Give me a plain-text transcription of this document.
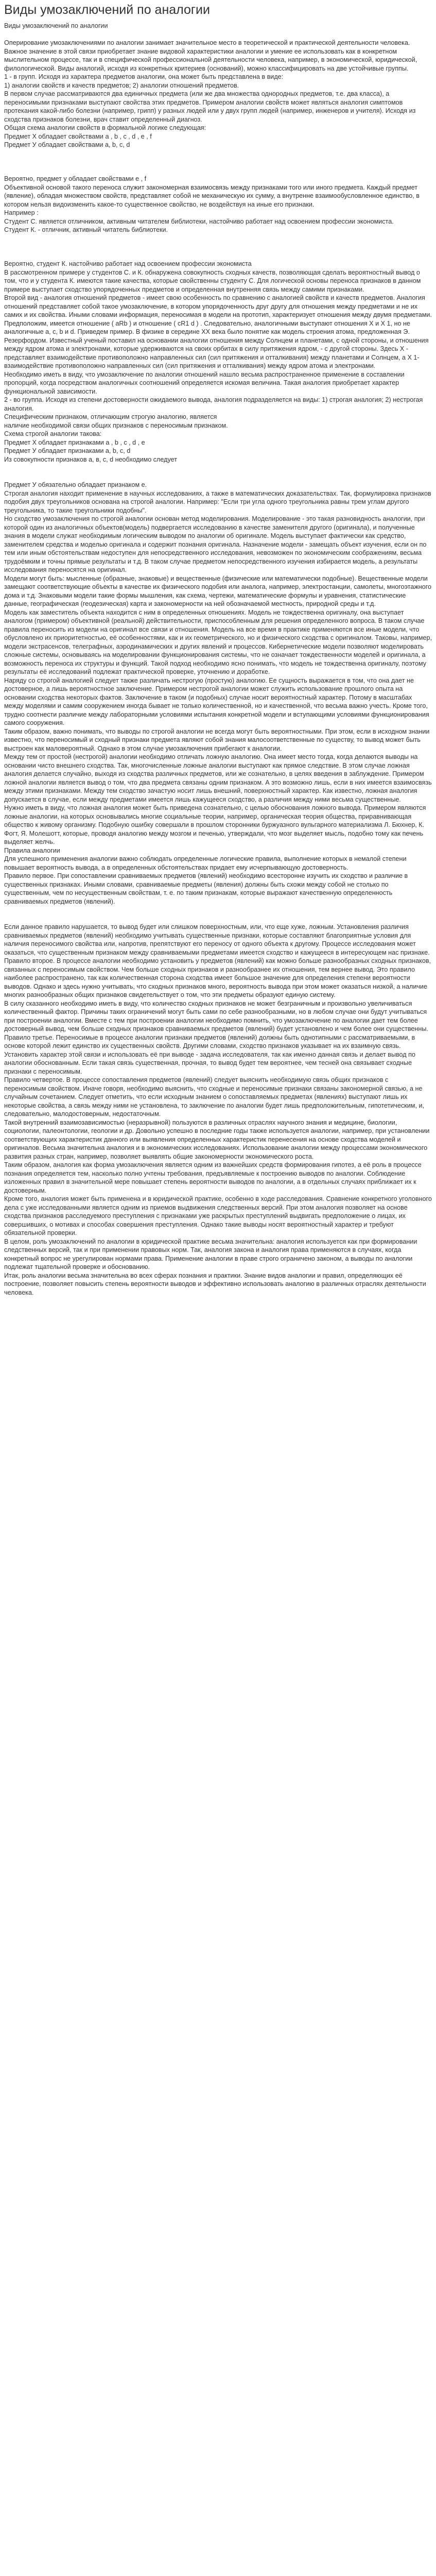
Виды умозаключений по аналогии

Виды умозаключений по аналогии

Оперирование умозаключениями по аналогии занимает значительное место в теоретической и практической деятельности человека. Важное значение в этой связи приобретает знание видовой характеристики аналогии и умение ее использовать как в конкретном мыслительном процессе, так и в специфической профессиональной деятельности человека, например, в экономической, юридической, филологической. Виды аналогий, исходя из конкретных критериев (оснований), можно классифицировать на две устойчивые группы.

1 - в групп. Исходя из характера предметов аналогии, она может быть представлена в виде:

1) аналогии свойств и качеств предметов; 2) аналогии отношений предметов.

В первом случае рассматриваются два единичных предмета (или же два множества однородных предметов, т.е. два класса), а переносимыми признаками выступают свойства этих предметов. Примером аналогии свойств может являться аналогия симптомов протекания какой-либо болезни (например, грипп) у разных людей или у двух групп людей (например, инженеров и учителя). Исходя из сходства признаков болезни, врач ставит определенный диагноз.

Общая схема аналогии свойств в формальной логике следующая:

Предмет X обладает свойствами a , b , c , d , e , f

Предмет У обладает свойствами a, b, c, d

Вероятно, предмет у обладает свойствами е , f

Объективной основой такого переноса служит закономерная взаимосвязь между признаками того или иного предмета. Каждый предмет (явление), обладая множеством свойств, представляет собой не механическую их сумму, а внутренне взаимообусловленное единство, в котором нельзя видоизменить какое-то существенное свойство, не воздействуя на иные его признаки.

Например :

Студент С. является отличником, активным читателем библиотеки, настойчиво работает над освоением профессии экономиста.

Студент К. - отличник, активный читатель библиотеки.

Вероятно, студент К. настойчиво работает над освоением профессии экономиста

В рассмотренном примере у студентов С. и К. обнаружена совокупность сходных качеств, позволяющая сделать вероятностный вывод о том, что и у студента К. имеются такие качества, которые свойственны студенту С. Для логической основы переноса признаков в данном примере выступает сходство упорядоченных предметов и определенная внутренняя связь между самими признаками.

Второй вид - аналогия отношений предметов - имеет свою особенность по сравнению с аналогией свойств и качеств предметов. Аналогия отношений представляет собой такое умозаключение, в котором упорядоченность друг другу для отношения между предметами и не их самих и их свойства. Иными словами информация, переносимая в модели на прототип, характеризует отношения между двумя предметами. Предположим, имеется отношение ( aRb ) и отношение ( cR1 d ) . Следовательно, аналогичными выступают отношения X и X 1, но не аналогичные a, c, b и d. Приведем пример. В физике в середине XX века было понятие как модель строения атома, предложенная Э. Резерфордом. Известный ученый поставил на основании аналогии отношения между Солнцем и планетами, с одной стороны, и отношения между ядром атома и электронами, которые удерживаются на своих орбитах в силу притяжения ядром, - с другой стороны. Здесь X - представляет взаимодействие противоположно направленных сил (сил притяжения и отталкивания) между планетами и Солнцем, а X 1-взаимодействие противоположно направленных сил (сил притяжения и отталкивания) между ядром атома и электронами.

Необходимо иметь в виду, что умозаключение по аналогии отношений нашло весьма распространенное применение в составлении пропорций, когда посредством аналогичных соотношений определяется искомая величина. Такая аналогия приобретает характер функциональной зависимости.

2 - во группа. Исходя из степени достоверности ожидаемого вывода, аналогия подразделяется на виды: 1) строгая аналогия; 2) нестрогая аналогия.

Специфическим признаком, отличающим строгую аналогию, является

наличие необходимой связи общих признаков с переносимым признаком.

Схема строгой аналогии такова:

Предмет X обладает признаками a , b , c , d , e

Предмет У обладает признаками a, b, c, d

Из совокупности признаков a, в, с, d необходимо следует

Предмет У обязательно обладает признаком е.

Строгая аналогия находит применение в научных исследованиях, а также в математических доказательствах. Так, формулировка признаков подобия двух треугольников основана на строгой аналогии. Например: "Если три угла одного треугольника равны трем углам другого треугольника, то такие треугольники подобны".

Но сходство умозаключения по строгой аналогии основан метод моделирования. Моделирование - это такая разновидность аналогии, при которой один из аналогичных объектов(модель) подвергается исследованию в качестве заменителя другого (оригинала), и полученные знания в модели служат необходимым логическим выводом по аналогии об оригинале. Модель выступает фактически как средство, заменителем средства и моделью оригинала и содержит познания оригинала. Назначение модели - замещать объект изучения, если он по тем или иным обстоятельствам недоступен для непосредственного исследования, невозможен по экономическим соображениям, весьма трудоёмким и точны прямые результаты и т.д. В таком случае предметом непосредственного изучения избирается модель, а результаты исследования переносятся на оригинал.

Модели могут быть: мысленные (образные, знаковые) и вещественные (физические или математически подобные). Вещественные модели замещают соответствующие объекты в качестве их физического подобия или аналога, например, электростанции, самолеты, многоэтажного дома и т.д. Знаковыми модели такие формы мышления, как схема, чертежи, математические формулы и уравнения, статистические данные, географическая (геодезическая) карта и закономерности на ней обозначаемой местность, природной среды и т.д.

Модель как заместитель объекта находится с ним в определенных отношениях. Модель не тождественна оригиналу, она выступает аналогом (примером) объективной (реальной) действительности, приспособленным для решения определенного вопроса. В таком случае правила переносить из модели на оригинал все связи и отношения. Модель на все время в практике применяются все иные модели, что обусловлено их приоритетностью, её особенностями, как и их геометрического, но и физического сходства с оригиналом. Таковы, например, модели экстрасенсов, телеграфных, аэродинамических и других явлений и процессов. Кибернетические модели позволяют моделировать сложные системы, основываясь на моделировании функционирования системы, что не означает тождественности моделей и оригинала, а возможность переноса их структуры и функций. Такой подход необходимо ясно понимать, что модель не тождественна оригиналу, поэтому результаты её исследований подлежат практической проверке, уточнению и доработке.

Наряду со строгой аналогией следует также различать нестрогую (простую) аналогию. Ее сущность выражается в том, что она дает не достоверное, а лишь вероятностное заключение. Примером нестрогой аналогии может служить использование прошлого опыта на основании сходства некоторых фактов. Заключение в таком (и подобных) случае носит вероятностный характер. Потому в масштабах между моделями и самим сооружением иногда бывает не только количественной, но и качественной, что весьма важно учесть. Кроме того, трудно соотнести различие между лабораторными условиями испытания конкретной модели и вступающими условиями функционирования самого сооружения.

Таким образом, важно понимать, что выводы по строгой аналогии не всегда могут быть вероятностными. При этом, если в исходном знании известно, что переносимый и сходный признаки предмета являют собой знания малосоответственные по существу, то вывод может быть выстроен как маловероятный. Однако в этом случае умозаключения прибегают к аналогии.

Между тем от простой (нестрогой) аналогии необходимо отличать ложную аналогию. Она имеет место тогда, когда делаются выводы на основании чисто внешнего сходства. Так, многочисленные ложные аналогии выступают как прямое следствие. В этом случае ложная аналогия делается случайно, выходя из сходства различных предметов, или же сознательно, в целях введения в заблуждение. Примером ложной аналогии является вывод о том, что два предмета связаны одним признаком. А это возможно лишь, если в них имеется взаимосвязь между этими признаками. Между тем сходство зачастую носит лишь внешний, поверхностный характер. Как известно, ложная аналогия допускается в случае, если между предметами имеется лишь кажущееся сходство, а различия между ними весьма существенные.

Нужно иметь в виду, что ложная аналогия может быть приведена сознательно, с целью обоснования ложного вывода. Примером являются ложные аналогии, на которых основывались многие социальные теории, например, органическая теория общества, приравнивающая общество к живому организму. Подобную ошибку совершали в прошлом сторонники буржуазного вульгарного материализма Л. Бюхнер, К. Фогт, Я. Молешотт, которые, проводя аналогию между мозгом и печенью, утверждали, что мозг выделяет мысль, подобно тому как печень выделяет желчь.

Правила аналогии

Для успешного применения аналогии важно соблюдать определенные логические правила, выполнение которых в немалой степени повышает вероятность вывода, а в определенных обстоятельствах придает ему исчерпывающую достоверность.

Правило первое. При сопоставлении сравниваемых предметов (явлений) необходимо всесторонне изучить их сходство и различие в существенных признаках. Иными словами, сравниваемые предметы (явления) должны быть схожи между собой не столько по существенным, чем по несущественным свойствам, т. е. по таким признакам, которые выражают качественную определенность сравниваемых предметов (явлений).

Если данное правило нарушается, то вывод будет или слишком поверхностным, или, что еще хуже, ложным. Установления различия сравниваемых предметов (явлений) необходимо учитывать существенные признаки, которые составляют благоприятные условия для наличия переносимого свойства или, напротив, препятствуют его переносу от одного объекта к другому. Процессе исследования может оказаться, что существенным признаком между сравниваемыми предметами имеется сходство и кажущееся в интересующем нас признаке.

Правило второе. В процессе аналогии необходимо установить у предметов (явлений) как можно больше разнообразных сходных признаков, связанных с переносимым свойством. Чем больше сходных признаков и разнообразнее их отношения, тем вернее вывод. Это правило наиболее распространено, так как количественная сторона сходства имеет большое значение для определения степени вероятности выводов. Однако и здесь нужно учитывать, что сходных признаков много, вероятность вывода при этом может оказаться низкой, а наличие многих разнообразных общих признаков свидетельствует о том, что эти предметы образуют единую систему.

В силу сказанного необходимо иметь в виду, что количество сходных признаков не может безграничным и произвольно увеличиваться количественный фактор. Причины таких ограничений могут быть сами по себе разнообразными, но в любом случае они будут учитываться при построении аналогии. Вместе с тем при построении аналогии необходимо помнить, что умозаключение по аналогии дает тем более достоверный вывод, чем больше сходных признаков сравниваемых предметов (явлений) будет установлено и чем более они существенны.

Правило третье. Переносимые в процессе аналогии признаки предметов (явлений) должны быть однотипными с рассматриваемыми, в основе которой лежит единство их существенных свойств. Другими словами, сходство признаков указывает на их взаимную связь. Установить характер этой связи и использовать её при выводе - задача исследователя, так как именно данная связь и делает вывод по аналогии обоснованным. Если такая связь существенная, прочная, то вывод будет тем вероятнее, чем тесней она связывает сходные признаки с переносимым.

Правило четвертое. В процессе сопоставления предметов (явлений) следует выяснить необходимую связь общих признаков с переносимым свойством. Иначе говоря, необходимо выяснить, что сходные и переносимые признаки связаны закономерной связью, а не случайным сочетанием. Следует отметить, что если исходным знанием о сопоставляемых предметах (явлениях) выступают лишь их некоторые свойства, а связь между ними не установлена, то заключение по аналогии будет лишь предположительным, гипотетическим, и, следовательно, малодостоверным, недостаточным.

Такой внутренний взаимозависимостью (неразрывной) пользуются в различных отраслях научного знания и медицине, биологии, социологии, палеонтологии, геологии и др. Довольно успешно в последние годы также используется аналогии, например, при установлении соответствующих характеристик данного или выявления определенных характеристик перенесения на основе сходства моделей и оригиналов. Весьма значительна аналогия и в экономических исследованиях. Использование аналогии между процессами экономического развития разных стран, например, позволяет выявлять общие закономерности экономического роста.

Таким образом, аналогия как форма умозаключения является одним из важнейших средств формирования гипотез, а её роль в процессе познания определяется тем, насколько полно учтены требования, предъявляемые к построению выводов по аналогии. Соблюдение изложенных правил в значительной мере повышает степень вероятности выводов по аналогии, а в отдельных случаях приближает их к достоверным.

Кроме того, аналогия может быть применена и в юридической практике, особенно в ходе расследования. Сравнение конкретного уголовного дела с уже исследованными является одним из приемов выдвижения следственных версий. При этом аналогия позволяет на основе сходства признаков расследуемого преступления с признаками уже раскрытых преступлений выдвигать предположение о лицах, их совершивших, о мотивах и способах совершения преступления. Однако такие выводы носят вероятностный характер и требуют обязательной проверки.

В целом, роль умозаключений по аналогии в юридической практике весьма значительна: аналогия используется как при формировании следственных версий, так и при применении правовых норм. Так, аналогия закона и аналогия права применяются в случаях, когда конкретный вопрос не урегулирован нормами права. Применение аналогии в праве строго ограничено законом, а выводы по аналогии подлежат тщательной проверке и обоснованию.

Итак, роль аналогии весьма значительна во всех сферах познания и практики. Знание видов аналогии и правил, определяющих её построение, позволяет повысить степень вероятности выводов и эффективно использовать аналогию в различных отраслях деятельности человека.
